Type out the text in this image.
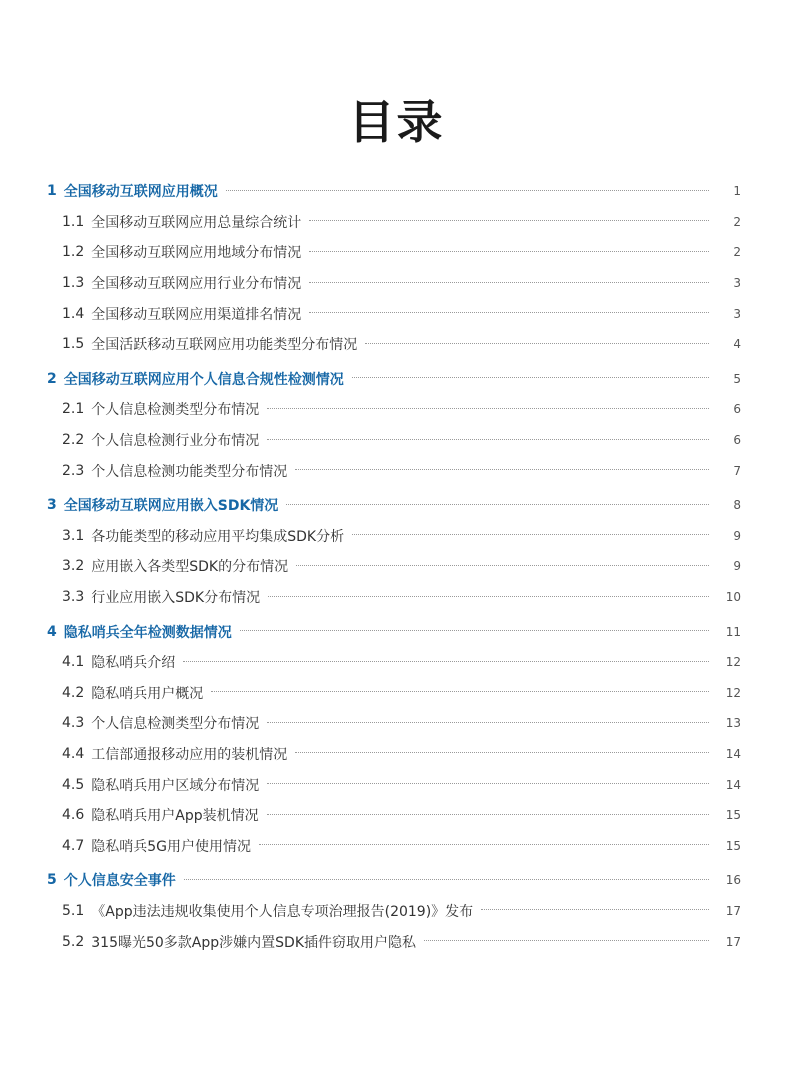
目录
1 全国移动互联网应用概况	1
1.1 全国移动互联网应用总量综合统计	2
1.2 全国移动互联网应用地域分布情况	2
1.3 全国移动互联网应用行业分布情况	3
1.4 全国移动互联网应用渠道排名情况	3
1.5 全国活跃移动互联网应用功能类型分布情况	4
2 全国移动互联网应用个人信息合规性检测情况	5
2.1 个人信息检测类型分布情况	6
2.2 个人信息检测行业分布情况	6
2.3 个人信息检测功能类型分布情况	7
3 全国移动互联网应用嵌入SDK情况	8
3.1 各功能类型的移动应用平均集成SDK分析	9
3.2 应用嵌入各类型SDK的分布情况	9
3.3 行业应用嵌入SDK分布情况	10
4 隐私哨兵全年检测数据情况	11
4.1 隐私哨兵介绍	12
4.2 隐私哨兵用户概况	12
4.3 个人信息检测类型分布情况	13
4.4 工信部通报移动应用的装机情况	14
4.5 隐私哨兵用户区域分布情况	14
4.6 隐私哨兵用户App装机情况	15
4.7 隐私哨兵5G用户使用情况	15
5 个人信息安全事件	16
5.1 《App违法违规收集使用个人信息专项治理报告(2019)》发布	17
5.2 315曝光50多款App涉嫌内置SDK插件窃取用户隐私	17
